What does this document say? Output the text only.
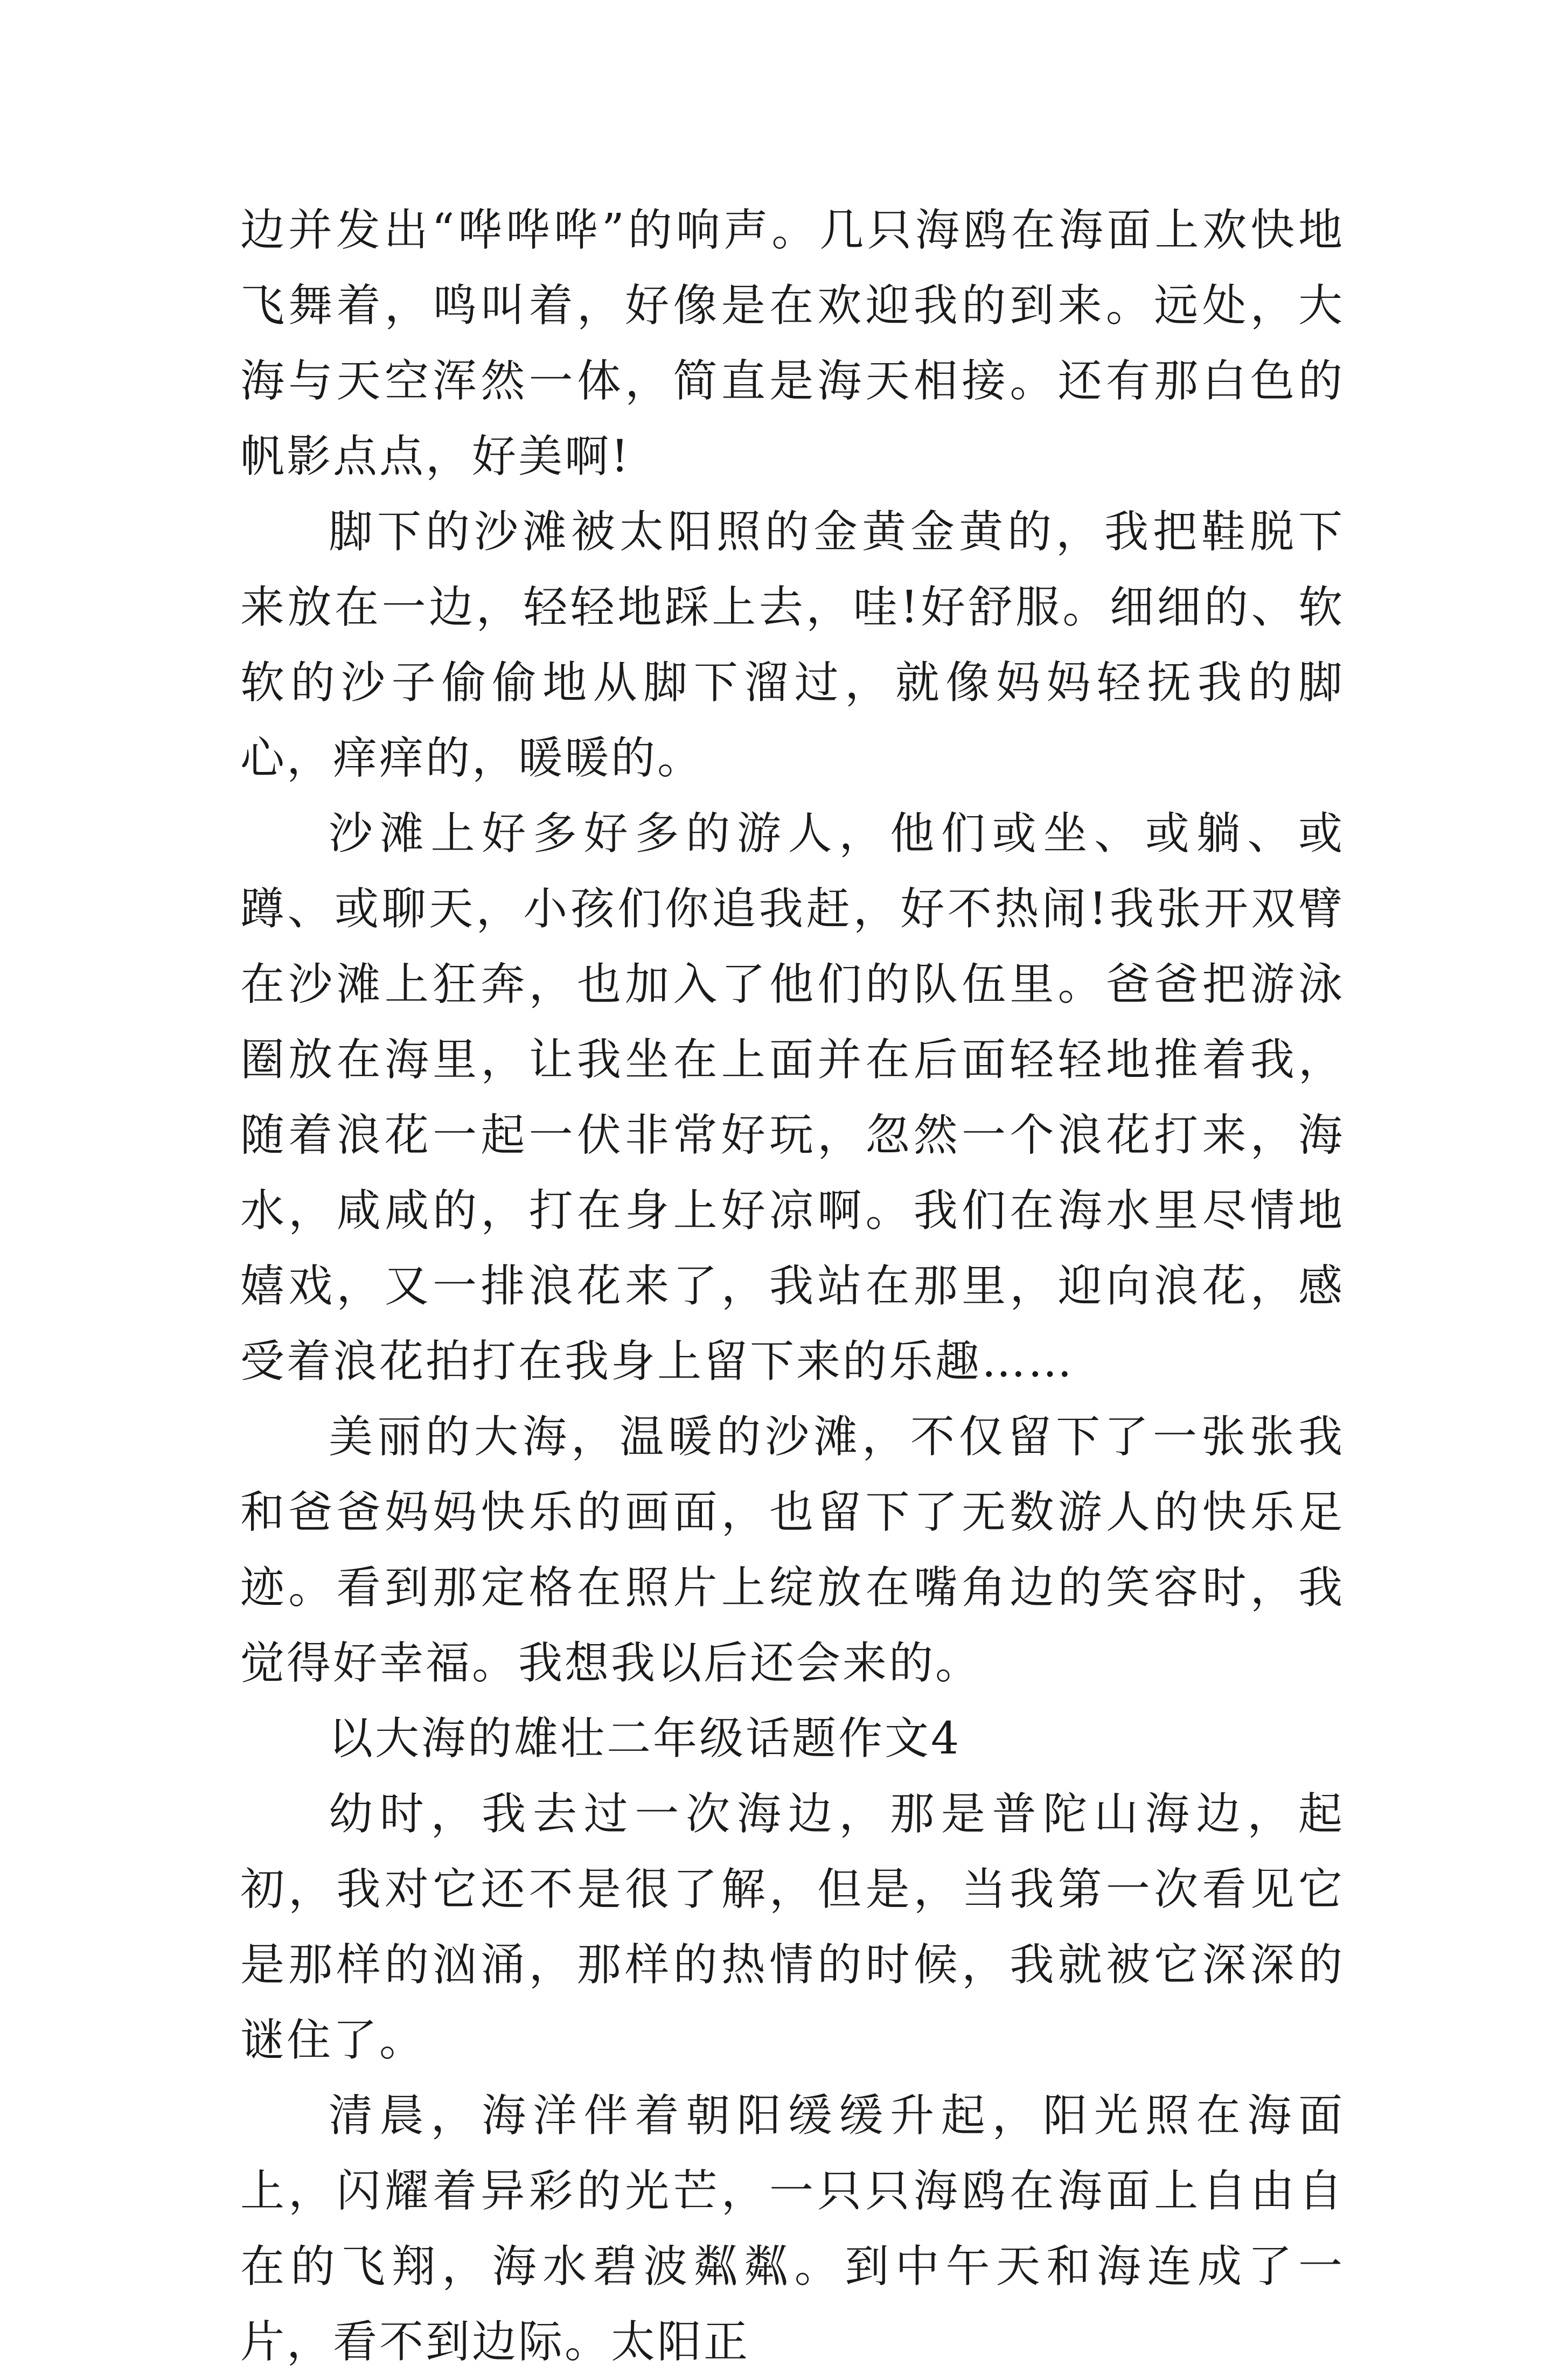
边并发出“哗哗哗”的响声。几只海鸥在海面上欢快地飞舞着，鸣叫着，好像是在欢迎我的到来。远处，大海与天空浑然一体，简直是海天相接。还有那白色的帆影点点，好美啊!

脚下的沙滩被太阳照的金黄金黄的，我把鞋脱下来放在一边，轻轻地踩上去，哇!好舒服。细细的、软软的沙子偷偷地从脚下溜过，就像妈妈轻抚我的脚心，痒痒的，暖暖的。

沙滩上好多好多的游人，他们或坐、或躺、或蹲、或聊天，小孩们你追我赶，好不热闹!我张开双臂在沙滩上狂奔，也加入了他们的队伍里。爸爸把游泳圈放在海里，让我坐在上面并在后面轻轻地推着我，随着浪花一起一伏非常好玩，忽然一个浪花打来，海水，咸咸的，打在身上好凉啊。我们在海水里尽情地嬉戏，又一排浪花来了，我站在那里，迎向浪花，感受着浪花拍打在我身上留下来的乐趣……

美丽的大海，温暖的沙滩，不仅留下了一张张我和爸爸妈妈快乐的画面，也留下了无数游人的快乐足迹。看到那定格在照片上绽放在嘴角边的笑容时，我觉得好幸福。我想我以后还会来的。

以大海的雄壮二年级话题作文4

幼时，我去过一次海边，那是普陀山海边，起初，我对它还不是很了解，但是，当我第一次看见它是那样的汹涌，那样的热情的时候，我就被它深深的谜住了。

清晨，海洋伴着朝阳缓缓升起，阳光照在海面上，闪耀着异彩的光芒，一只只海鸥在海面上自由自在的飞翔，海水碧波粼粼。到中午天和海连成了一片，看不到边际。太阳正
